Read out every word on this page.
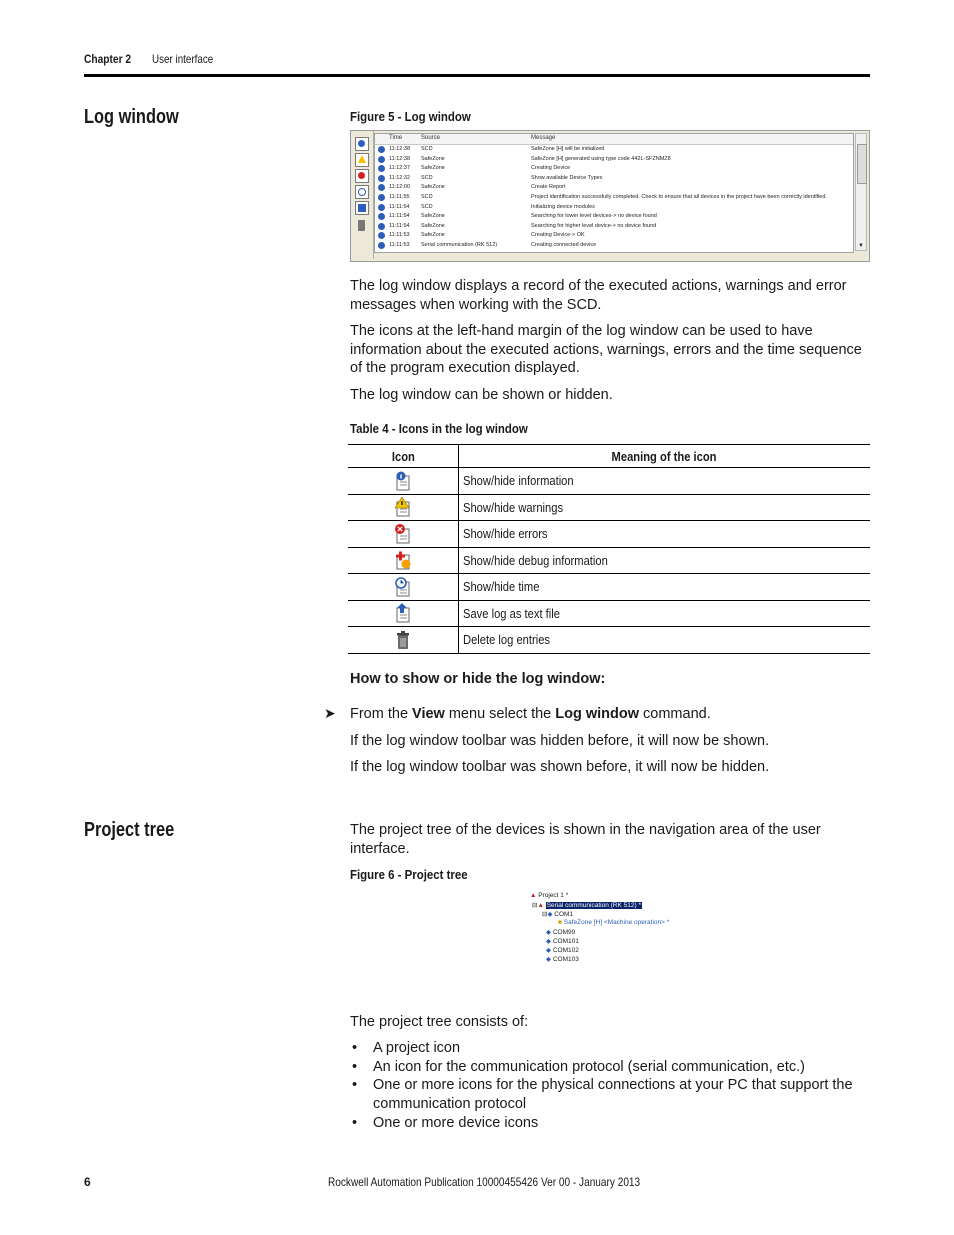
Chapter 2	User interface
Log window	Figure 5 - Log window
Time	Source	Message
11:12:38 SCD	SafeZone [H] will be initialized
11:12:38 SafeZone	SafeZone [H] generated using type code 442L-SFZNMZ8
11:12:37 SafeZone	Creating Device
11:12:32 SCD	Show available Device Types
11:12:00 SafeZone	Create Report
11:11:55 SCD	Project identification successfully completed. Check to ensure that all devices in the project have been correctly identified.
11:11:54 SCD	Initializing device modules
11:11:54 SafeZone	Searching for lower level devices-> no device found
11:11:54 SafeZone	Searching for higher level device-> no device found
11:11:53 SafeZone	Creating Device-> OK
11:11:53 Serial communication (RK 512)	Creating connected device	▼
The log window displays a record of the executed actions, warnings and error messages when working with the SCD.
The icons at the left-hand margin of the log window can be used to have information about the executed actions, warnings, errors and the time sequence of the program execution displayed.
The log window can be shown or hidden.
Table 4 - Icons in the log window
Icon	Meaning of the icon
	Show/hide information
	Show/hide warnings
	Show/hide errors
	Show/hide debug information
	Show/hide time
	Save log as text file
	Delete log entries
How to show or hide the log window:
➤ From the View menu select the Log window command.
If the log window toolbar was hidden before, it will now be shown.
If the log window toolbar was shown before, it will now be hidden.
Project tree	The project tree of the devices is shown in the navigation area of the user interface.
Figure 6 - Project tree
▲ Project 1 *
⊟▲ Serial communication (RK 512) *
⊟◆ COM1
■ SafeZone [H] <Machine operation> *
◆ COM99
◆ COM101
◆ COM102
◆ COM103
The project tree consists of:
• A project icon
• An icon for the communication protocol (serial communication, etc.)
• One or more icons for the physical connections at your PC that support the communication protocol
• One or more device icons
6	Rockwell Automation Publication 10000455426 Ver 00 - January 2013
